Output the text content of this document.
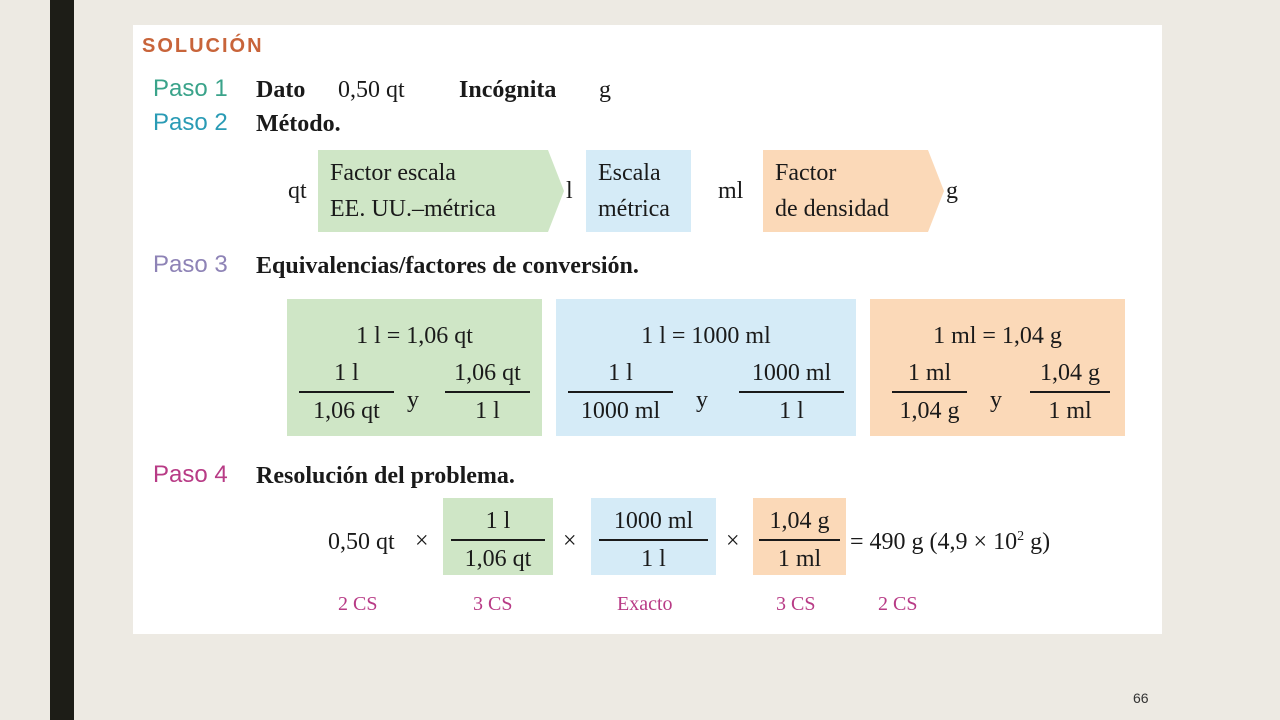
SOLUCIÓN
Paso 1 Dato 0,50 qt Incógnita g
Paso 2 Método.
qt
Factor escala
EE. UU.–métrica
l
Escala
métrica
ml
Factor
de densidad
g
Paso 3 Equivalencias/factores de conversión.
1 l = 1,06 qt
$\frac{1 l}{1,06 qt}$ y $\frac{1,06 qt}{1 l}$
1 l = 1000 ml
$\frac{1 l}{1000 ml}$ y $\frac{1000 ml}{1 l}$
1 ml = 1,04 g
$\frac{1 ml}{1,04 g}$ y $\frac{1,04 g}{1 ml}$
Paso 4 Resolución del problema.
0,50 qt × $\frac{1 l}{1,06 qt} \times \frac{1000 ml}{1 l} \times \frac{1,04 g}{1 ml} = 490$ g ($4,9 \times 10^2$ g)
2 CS	3 CS	Exacto	3 CS	2 CS
66
